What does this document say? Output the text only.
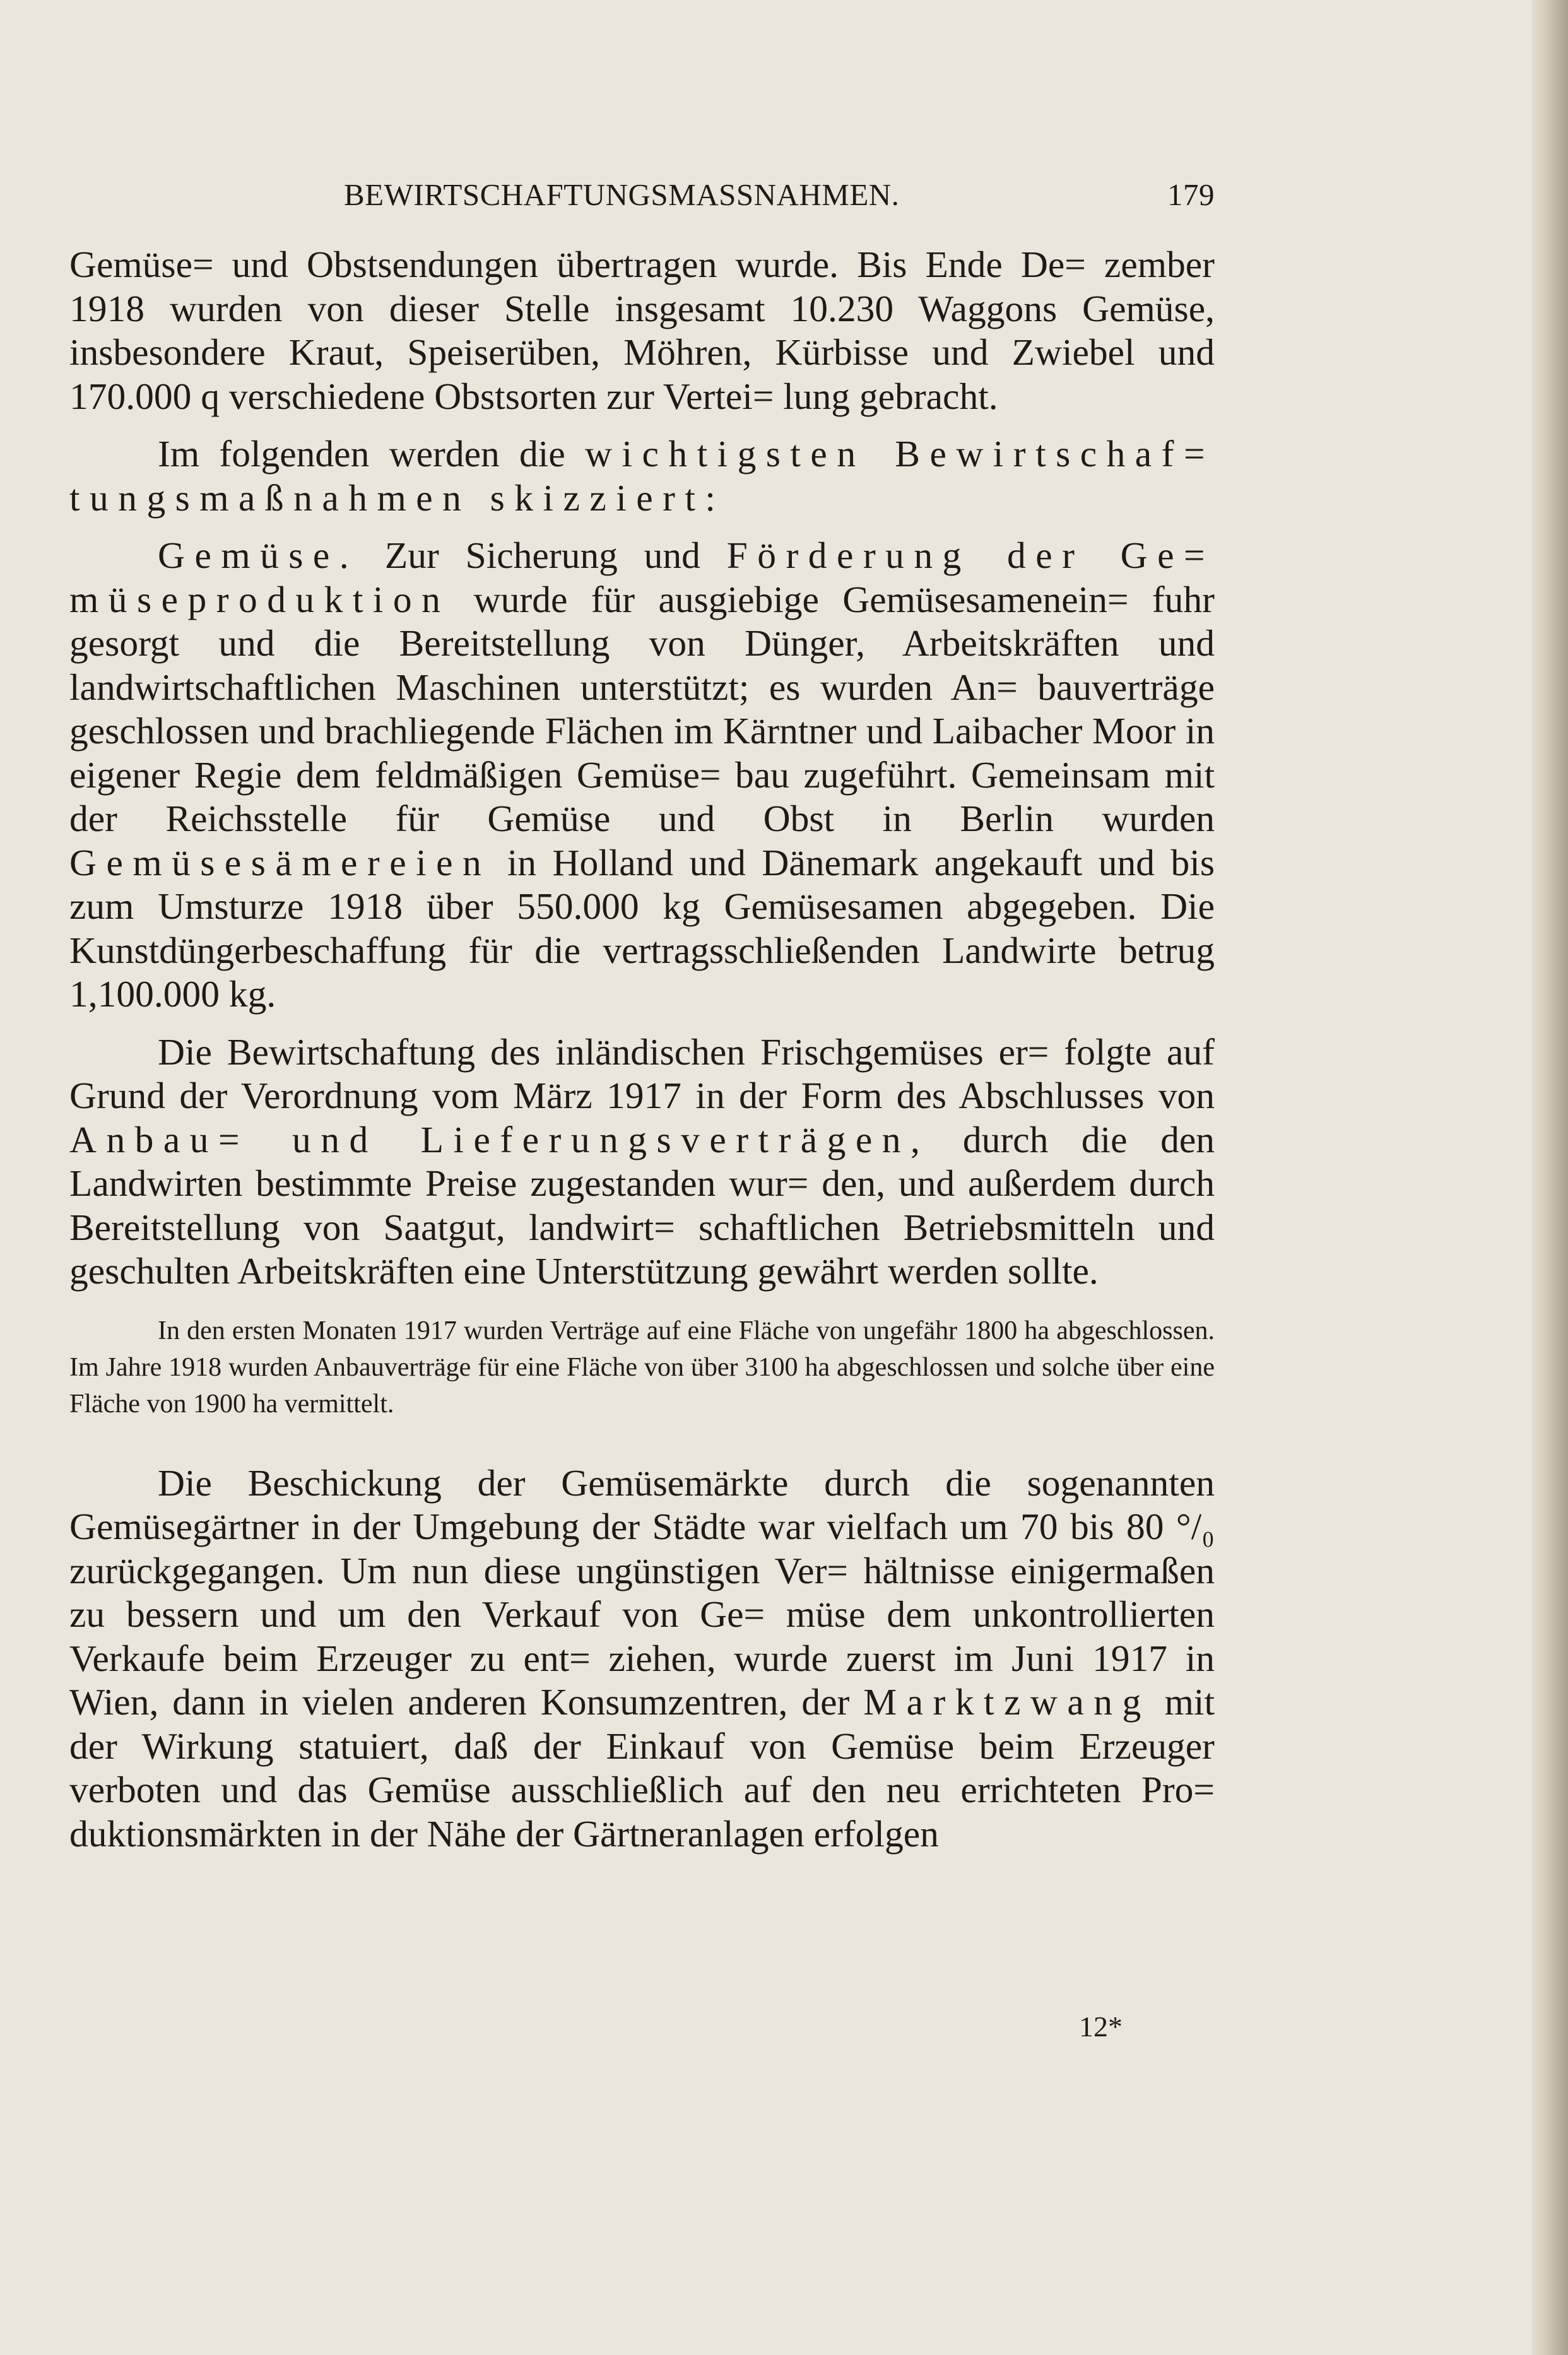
BEWIRTSCHAFTUNGSMASSNAHMEN.	179

Gemüse= und Obstsendungen übertragen wurde. Bis Ende De= zember 1918 wurden von dieser Stelle insgesamt 10.230 Waggons Gemüse, insbesondere Kraut, Speiserüben, Möhren, Kürbisse und Zwiebel und 170.000 q verschiedene Obstsorten zur Vertei= lung gebracht.

Im folgenden werden die wichtigsten Bewirtschaf= tungsmaßnahmen skizziert:

Gemüse. Zur Sicherung und Förderung der Ge= müseproduktion wurde für ausgiebige Gemüsesamenein= fuhr gesorgt und die Bereitstellung von Dünger, Arbeitskräften und landwirtschaftlichen Maschinen unterstützt; es wurden An= bauverträge geschlossen und brachliegende Flächen im Kärntner und Laibacher Moor in eigener Regie dem feldmäßigen Gemüse= bau zugeführt. Gemeinsam mit der Reichsstelle für Gemüse und Obst in Berlin wurden Gemüsesämereien in Holland und Dänemark angekauft und bis zum Umsturze 1918 über 550.000 kg Gemüsesamen abgegeben. Die Kunstdüngerbeschaffung für die vertragsschließenden Landwirte betrug 1,100.000 kg.

Die Bewirtschaftung des inländischen Frischgemüses er= folgte auf Grund der Verordnung vom März 1917 in der Form des Abschlusses von Anbau= und Lieferungsverträgen, durch die den Landwirten bestimmte Preise zugestanden wur= den, und außerdem durch Bereitstellung von Saatgut, landwirt= schaftlichen Betriebsmitteln und geschulten Arbeitskräften eine Unterstützung gewährt werden sollte.

In den ersten Monaten 1917 wurden Verträge auf eine Fläche von ungefähr 1800 ha abgeschlossen. Im Jahre 1918 wurden Anbauverträge für eine Fläche von über 3100 ha abgeschlossen und solche über eine Fläche von 1900 ha vermittelt.

Die Beschickung der Gemüsemärkte durch die sogenannten Gemüsegärtner in der Umgebung der Städte war vielfach um 70 bis 80 °/₀ zurückgegangen. Um nun diese ungünstigen Ver= hältnisse einigermaßen zu bessern und um den Verkauf von Ge= müse dem unkontrollierten Verkaufe beim Erzeuger zu ent= ziehen, wurde zuerst im Juni 1917 in Wien, dann in vielen anderen Konsumzentren, der Marktzwang mit der Wirkung statuiert, daß der Einkauf von Gemüse beim Erzeuger verboten und das Gemüse ausschließlich auf den neu errichteten Pro= duktionsmärkten in der Nähe der Gärtneranlagen erfolgen

12*
